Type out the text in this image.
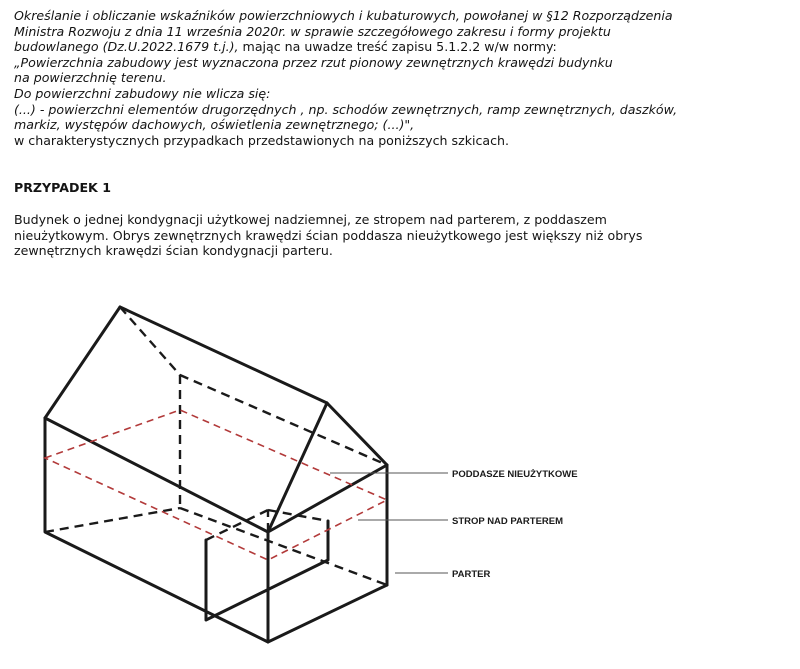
Określanie i obliczanie wskaźników powierzchniowych i kubaturowych, powołanej w §12 Rozporządzenia

Ministra Rozwoju z dnia 11 września 2020r. w sprawie szczegółowego zakresu i formy projektu

budowlanego (Dz.U.2022.1679 t.j.), mając na uwadze treść zapisu 5.1.2.2 w/w normy:

„Powierzchnia zabudowy jest wyznaczona przez rzut pionowy zewnętrznych krawędzi budynku

na powierzchnię terenu.

Do powierzchni zabudowy nie wlicza się:

(...) - powierzchni elementów drugorzędnych , np. schodów zewnętrznych, ramp zewnętrznych, daszków,

markiz, występów dachowych, oświetlenia zewnętrznego; (...)",

w charakterystycznych przypadkach przedstawionych na poniższych szkicach.

PRZYPADEK 1

Budynek o jednej kondygnacji użytkowej nadziemnej, ze stropem nad parterem, z poddaszem

nieużytkowym. Obrys zewnętrznych krawędzi ścian poddasza nieużytkowego jest większy niż obrys

zewnętrznych krawędzi ścian kondygnacji parteru.

PODDASZE NIEUŻYTKOWE
STROP NAD PARTEREM
PARTER
